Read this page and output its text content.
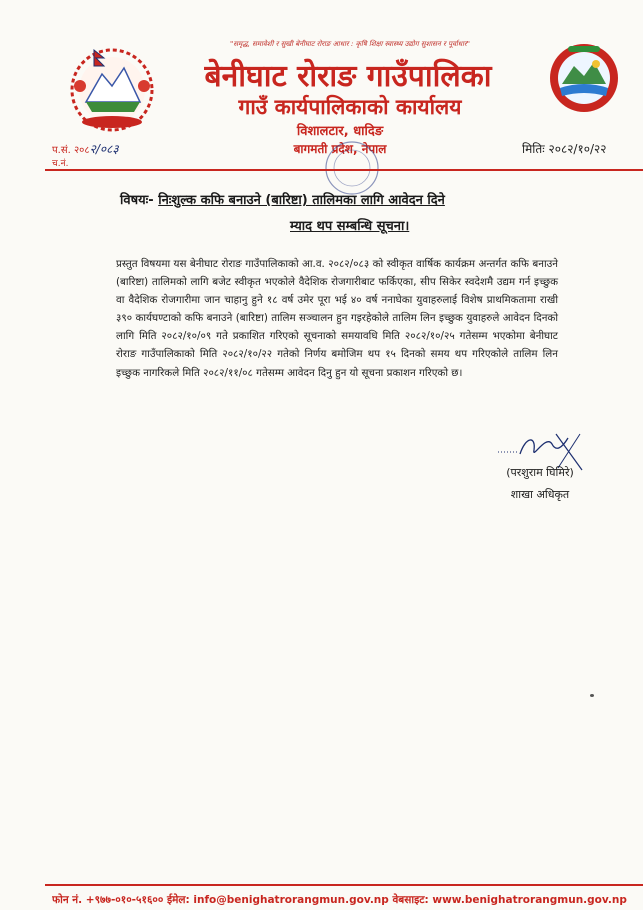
"समृद्ध, समावेशी र सुखी बेनीघाट रोराङ आधार : कृषि शिक्षा स्वास्थ्य उद्योग सुशासन र पूर्वाधार"
बेनीघाट रोराङ गाउँपालिका
गाउँ कार्यपालिकाको कार्यालय
विशालटार, धादिङ
बागमती प्रदेश, नेपाल
प.सं. २०८२/०८३
च.नं.
मितिः २०८२/१०/२२
विषयः- निःशुल्क कफि बनाउने (बारिष्टा) तालिमका लागि आवेदन दिने
म्याद थप सम्बन्धि सूचना।
प्रस्तुत विषयमा यस बेनीघाट रोराङ गाउँपालिकाको आ.व. २०८२/०८३ को स्वीकृत वार्षिक कार्यक्रम अन्तर्गत कफि बनाउने (बारिष्टा) तालिमको लागि बजेट स्वीकृत भएकोले वैदेशिक रोजगारीबाट फर्किएका, सीप सिकेर स्वदेशमै उद्यम गर्न इच्छुक वा वैदेशिक रोजगारीमा जान चाहानु हुने १८ वर्ष उमेर पूरा भई ४० वर्ष ननाघेका युवाहरुलाई विशेष प्राथमिकतामा राखी ३९० कार्यघण्टाको कफि बनाउने (बारिष्टा) तालिम सञ्चालन हुन गइरहेकोले तालिम लिन इच्छुक युवाहरुले आवेदन दिनको लागि मिति २०८२/१०/०९ गते प्रकाशित गरिएको सूचनाको समयावधि मिति २०८२/१०/२५ गतेसम्म भएकोमा बेनीघाट रोराङ गाउँपालिकाको मिति २०८२/१०/२२ गतेको निर्णय बमोजिम थप १५ दिनको समय थप गरिएकोले तालिम लिन इच्छुक नागरिकले मिति २०८२/११/०८ गतेसम्म आवेदन दिनु हुन यो सूचना प्रकाशन गरिएको छ।
(परशुराम घिमिरे)
शाखा अधिकृत
फोन नं. +९७७-०१०-५१६०० ईमेल: info@benighatrorangmun.gov.np वेबसाइट: www.benighatrorangmun.gov.np
